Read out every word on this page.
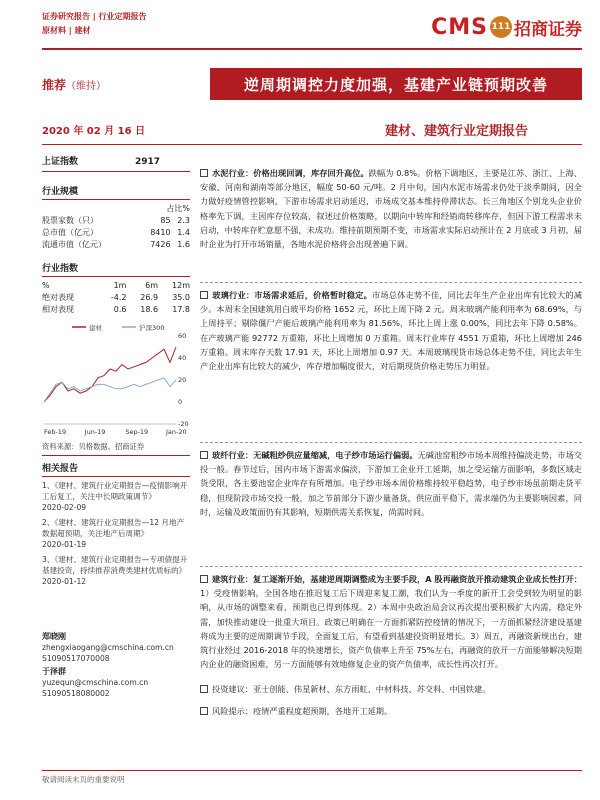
证券研究报告 | 行业定期报告
原材料 | 建材	CMS 111 招商证券
推荐（维持）	逆周期调控力度加强，基建产业链预期改善
2020 年 02 月 16 日	建材、建筑行业定期报告
上证指数	2917
行业规模
占比%
股票家数（只）	85	2.3
总市值（亿元）	8410	1.4
流通市值（亿元）	7426	1.6
行业指数
%	1m	6m	12m
绝对表现	-4.2	26.9	35.0
相对表现	0.6	18.6	17.8
建材	沪深300
60
40
20
0
-20
Feb-19	Jun-19	Sep-19	Jan-20
资料来源：贝格数据、招商证券
相关报告
1、《建材、建筑行业定期报告—疫情影响开工后复工，关注中长期政策调节》
2020-02-09
2、《建材、建筑行业定期报告—12 月地产数据超预期，关注地产后周期》
2020-01-19
3、《建材、建筑行业定期报告—专项债提升基建投资，持续推荐消费类建材优质标的》
2020-01-12
郑晓刚
zhengxiaogang@cmschina.com.cn
S1090517070008
于泽群
yuzequn@cmschina.com.cn
S1090518080002
水泥行业：价格出现回调，库存回升高位。跌幅为 0.8%。价格下调地区，主要是江苏、浙江、上海、安徽、河南和湖南等部分地区，幅度 50-60 元/吨。2 月中旬，国内水泥市场需求仍处于淡季期间，因全力做好疫情管控影响，下游市场需求启动延迟，市场成交基本维持停滞状态。长三角地区个别龙头企业价格率先下调，主因库存位较高，叙述过价格策略，以期向中转库和经销商转移库存，但因下游工程需求未启动，中转库存贮意愿不强，未成功。维持前期预期不变，市场需求实际启动预计在 2 月底或 3 月初，届时企业为打开市场销量，各地水泥价格将会出现普遍下调。
玻璃行业：市场需求延后，价格暂时稳定。市场总体走势不佳，同比去年生产企业出库有比较大的减少。本周末全国建筑用白玻平均价格 1652 元，环比上周下降 2 元。周末玻璃产能利用率为 68.69%，与上周持平；剔除僵尸产能后玻璃产能利用率为 81.56%，环比上周上涨 0.00%，同比去年下降 0.58%。在产玻璃产能 92772 万重箱，环比上周增加 0 万重箱。周末行业库存 4551 万重箱，环比上周增加 246 万重箱。周末库存天数 17.91 天，环比上周增加 0.97 天。本周玻璃现货市场总体走势不佳，同比去年生产企业出库有比较大的减少，库存增加幅度很大，对后期现货价格走势压力明显。
玻纤行业：无碱粗纱供应量缩减，电子纱市场运行偏弱。无碱池窑粗纱市场本周维持偏淡走势，市场交投一般。春节过后，国内市场下游需求偏淡，下游加工企业开工延期，加之受运输方面影响，多数区域走货受限，各主要池窑企业库存有所增加。电子纱市场本周价格维持较平稳趋势，电子纱市场虽前期走货平稳，但现阶段市场交投一般，加之节前部分下游少量备货，供应面平稳下，需求端仍为主要影响因素，同时，运输及政策面仍有其影响，短期供需关系恢复，尚需时间。
建筑行业：复工逐渐开始，基建逆周期调整成为主要手段，A 股再融资放开推动建筑企业成长性打开：1）受疫情影响，全国各地在推迟复工后下周迎来复工潮，我们认为一季度的新开工会受到较为明显的影响，从市场的调整来看，预期也已得到体现。2）本周中央政治局会议再次提出要积极扩大内需，稳定外需，加快推动建设一批重大项目。政策已明确在一方面抓紧防控疫情的情况下，一方面抓紧经济建设基建将成为主要的逆周期调节手段，全面复工后，有望看到基建投资明显增长。3）周五，再融资新规出台，建筑行业经过 2016-2018 年的快速增长，资产负债率上升至 75%左右，再融资的放开一方面能够解决短期内企业的融资困难，另一方面能够有效地修复企业的资产负债率，成长性再次打开。
投资建议：亚士创能、伟星新材、东方雨虹、中材科技、苏交科、中国铁建。
风险提示：疫情严重程度超预期，各地开工延期。
敬请阅读末页的重要说明
